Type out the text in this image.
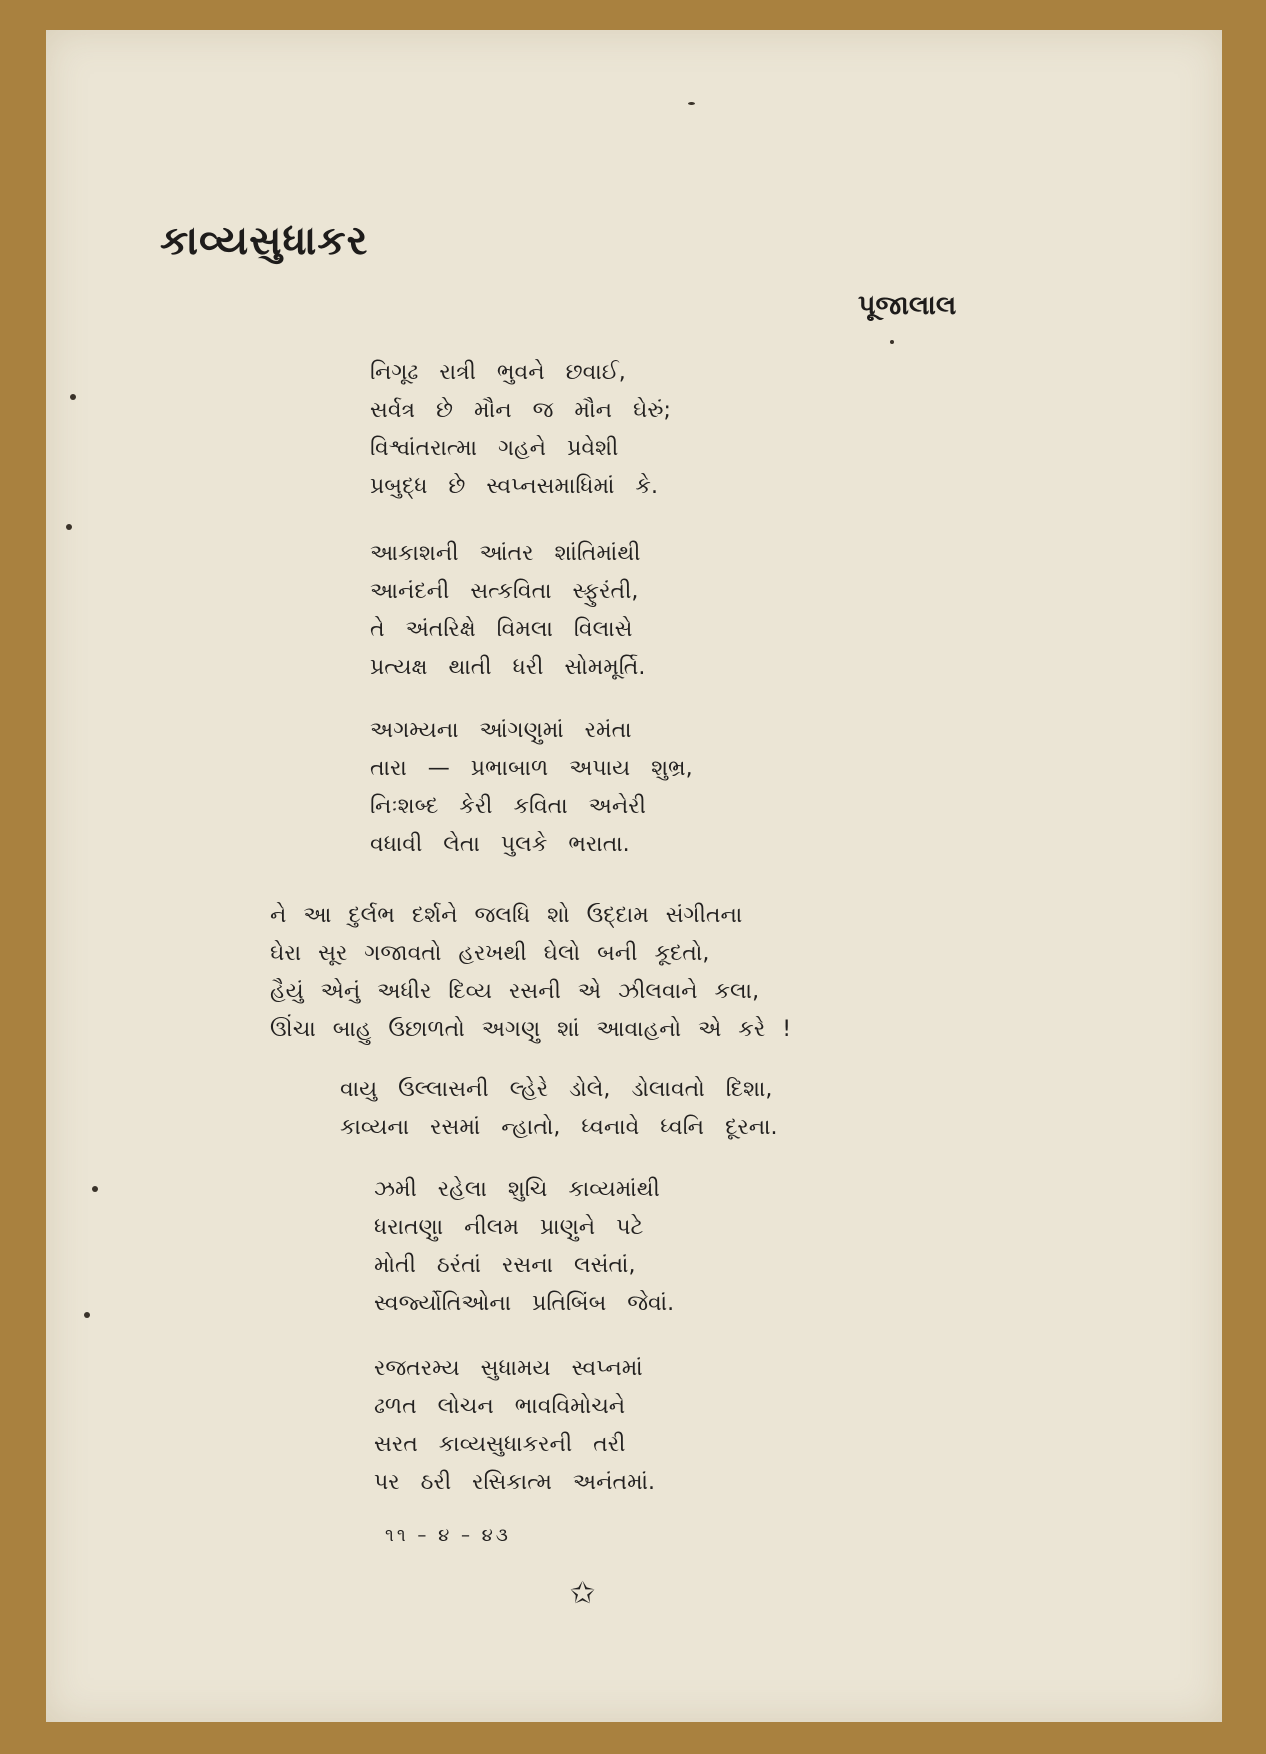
કાવ્યસુધાકર
પૂજાલાલ
નિગૂઢ રાત્રી ભુવને છવાઈ,
સર્વત્ર છે મૌન જ મૌન ઘેરું;
વિશ્વાંતરાત્મા ગહને પ્રવેશી
પ્રબુદ્ધ છે સ્વપ્નસમાધિમાં કે.
આકાશની આંતર શાંતિમાંથી
આનંદની સત્કવિતા સ્ફુરંતી,
તે અંતરિક્ષે વિમલા વિલાસે
પ્રત્યક્ષ થાતી ધરી સોમમૂર્તિ.
અગમ્યના આંગણુમાં રમંતા
તારા — પ્રભાબાળ અપાય શુભ્ર,
નિઃશબ્દ કેરી કવિતા અનેરી
વધાવી લેતા પુલકે ભરાતા.
ને આ દુર્લભ દર્શને જલધિ શો ઉદ્દામ સંગીતના
ઘેરા સૂર ગજાવતો હરખથી ઘેલો બની કૂદતો,
હૈયું એનું અધીર દિવ્ય રસની એ ઝીલવાને કલા,
ઊંચા બાહુ ઉછાળતો અગણુ શાં આવાહનો એ કરે !
વાયુ ઉલ્લાસની લ્હેરે ડોલે, ડોલાવતો દિશા,
કાવ્યના રસમાં ન્હાતો, ધ્વનાવે ધ્વનિ દૂરના.
ઝમી રહેલા શુચિ કાવ્યમાંથી
ધરાતણુા નીલમ પ્રાણુને પટે
મોતી ઠરંતાં રસના લસંતાં,
સ્વર્જ્યોતિઓના પ્રતિબિંબ જેવાં.
રજતરમ્ય સુધામય સ્વપ્નમાં
ઢળત લોચન ભાવવિમોચને
સરત કાવ્યસુધાકરની તરી
પર ઠરી રસિકાત્મ અનંતમાં.
૧૧ – ૪ – ૪૩
✩
